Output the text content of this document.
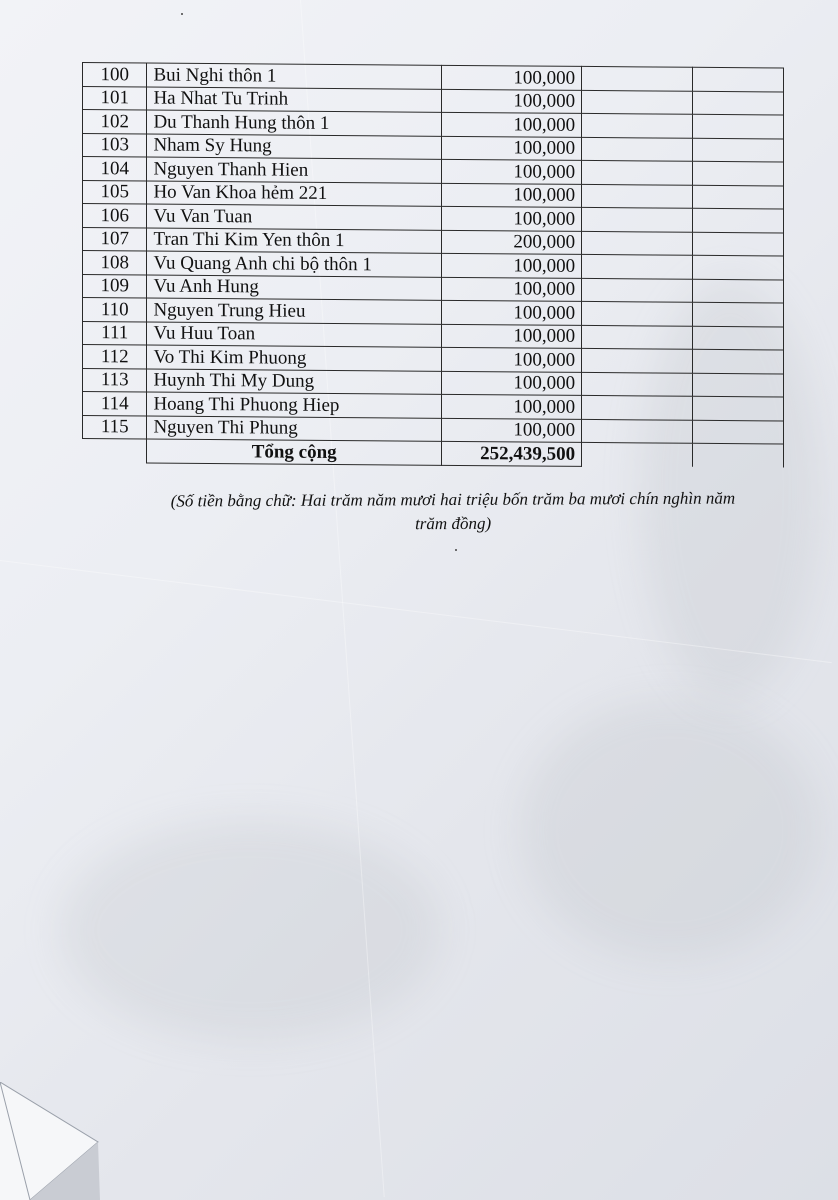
100	Bui Nghi thôn 1	100,000		
101	Ha Nhat Tu Trinh	100,000		
102	Du Thanh Hung thôn 1	100,000		
103	Nham Sy Hung	100,000		
104	Nguyen Thanh Hien	100,000		
105	Ho Van Khoa hẻm 221	100,000		
106	Vu Van Tuan	100,000		
107	Tran Thi Kim Yen thôn 1	200,000		
108	Vu Quang Anh chi bộ thôn 1	100,000		
109	Vu Anh Hung	100,000		
110	Nguyen Trung Hieu	100,000		
111	Vu Huu Toan	100,000		
112	Vo Thi Kim Phuong	100,000		
113	Huynh Thi My Dung	100,000		
114	Hoang Thi Phuong Hiep	100,000		
115	Nguyen Thi Phung	100,000		
	Tổng cộng	252,439,500		
(Số tiền bằng chữ: Hai trăm năm mươi hai triệu bốn trăm ba mươi chín nghìn năm
trăm đồng)
